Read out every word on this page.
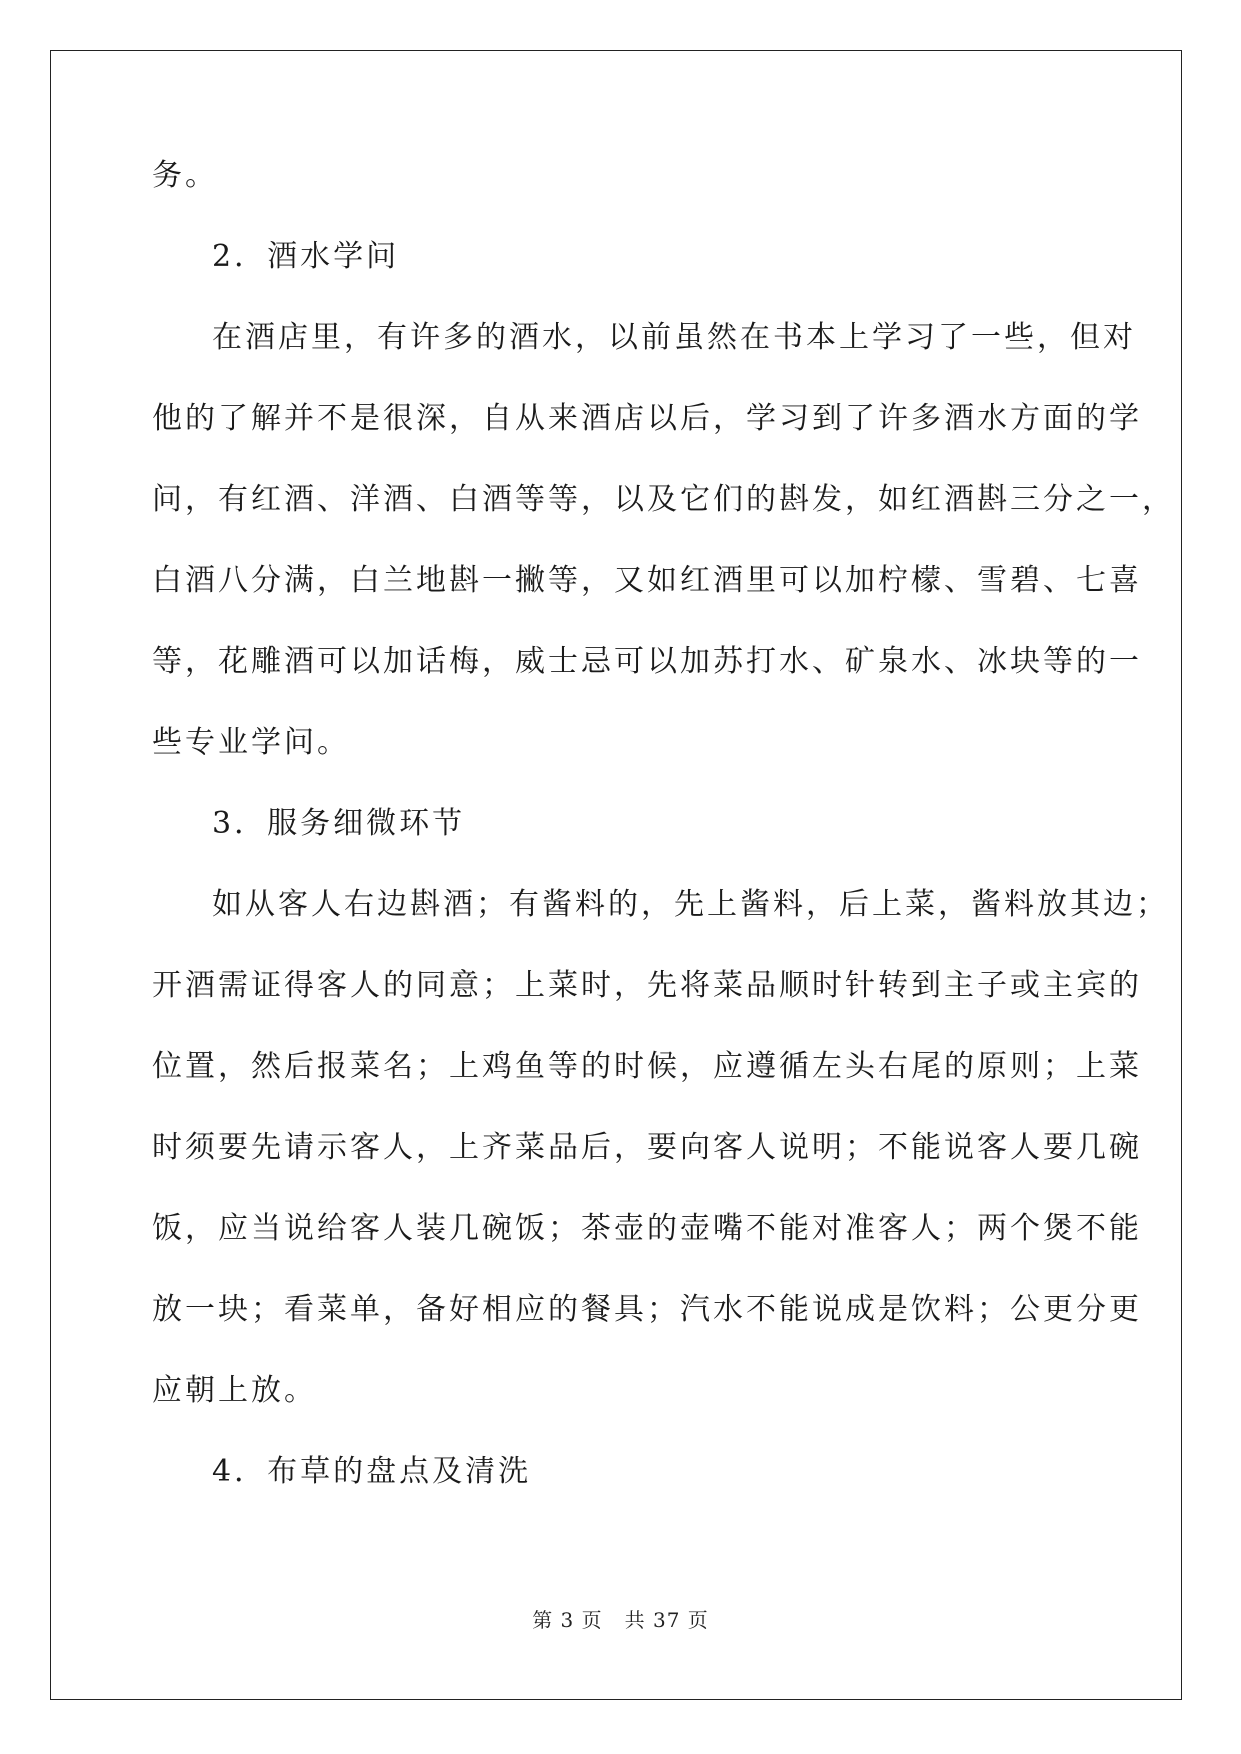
务。
2．酒水学问
在酒店里，有许多的酒水，以前虽然在书本上学习了一些，但对
他的了解并不是很深，自从来酒店以后，学习到了许多酒水方面的学
问，有红酒、洋酒、白酒等等，以及它们的斟发，如红酒斟三分之一，
白酒八分满，白兰地斟一撇等，又如红酒里可以加柠檬、雪碧、七喜
等，花雕酒可以加话梅，威士忌可以加苏打水、矿泉水、冰块等的一
些专业学问。
3．服务细微环节
如从客人右边斟酒；有酱料的，先上酱料，后上菜，酱料放其边；
开酒需证得客人的同意；上菜时，先将菜品顺时针转到主子或主宾的
位置，然后报菜名；上鸡鱼等的时候，应遵循左头右尾的原则；上菜
时须要先请示客人，上齐菜品后，要向客人说明；不能说客人要几碗
饭，应当说给客人装几碗饭；茶壶的壶嘴不能对准客人；两个煲不能
放一块；看菜单，备好相应的餐具；汽水不能说成是饮料；公更分更
应朝上放。
4．布草的盘点及清洗
第 3 页 共 37 页
